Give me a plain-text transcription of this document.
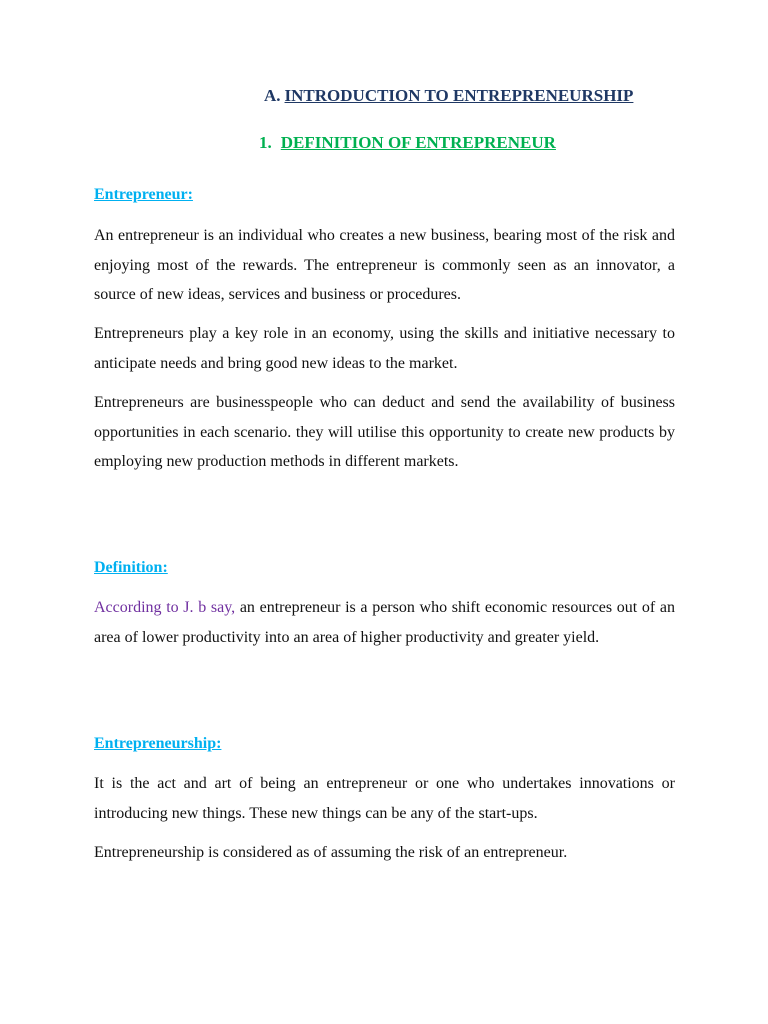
A. INTRODUCTION TO ENTREPRENEURSHIP
1. DEFINITION OF ENTREPRENEUR
Entrepreneur:

An entrepreneur is an individual who creates a new business, bearing most of the risk and enjoying most of the rewards. The entrepreneur is commonly seen as an innovator, a source of new ideas, services and business or procedures.

Entrepreneurs play a key role in an economy, using the skills and initiative necessary to anticipate needs and bring good new ideas to the market.

Entrepreneurs are businesspeople who can deduct and send the availability of business opportunities in each scenario. they will utilise this opportunity to create new products by employing new production methods in different markets.

Definition:

According to J. b say, an entrepreneur is a person who shift economic resources out of an area of lower productivity into an area of higher productivity and greater yield.

Entrepreneurship:

It is the act and art of being an entrepreneur or one who undertakes innovations or introducing new things. These new things can be any of the start-ups.

Entrepreneurship is considered as of assuming the risk of an entrepreneur.
